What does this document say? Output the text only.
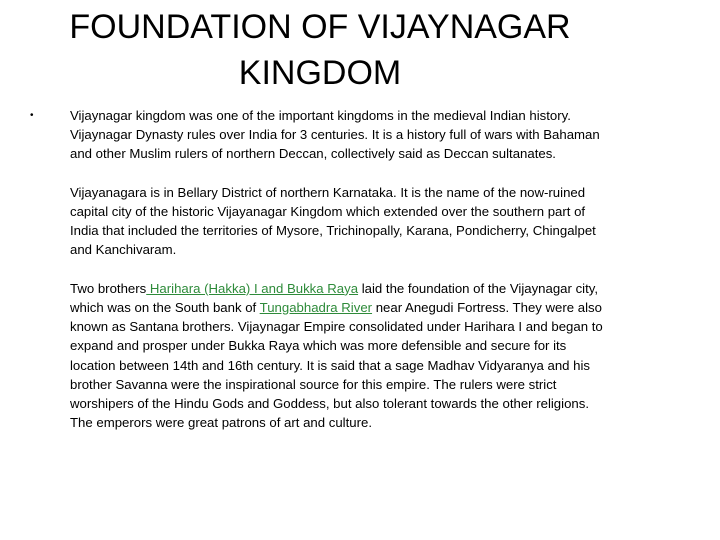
FOUNDATION OF VIJAYNAGAR
KINGDOM
•	Vijaynagar kingdom was one of the important kingdoms in the medieval Indian history. Vijaynagar Dynasty rules over India for 3 centuries. It is a history full of wars with Bahaman and other Muslim rulers of northern Deccan, collectively said as Deccan sultanates.

Vijayanagara is in Bellary District of northern Karnataka. It is the name of the now-ruined capital city of the historic Vijayanagar Kingdom which extended over the southern part of India that included the territories of Mysore, Trichinopally, Karana, Pondicherry, Chingalpet and Kanchivaram.

Two brothers Harihara (Hakka) I and Bukka Raya laid the foundation of the Vijaynagar city, which was on the South bank of Tungabhadra River near Anegudi Fortress. They were also known as Santana brothers. Vijaynagar Empire consolidated under Harihara I and began to expand and prosper under Bukka Raya which was more defensible and secure for its location between 14th and 16th century. It is said that a sage Madhav Vidyaranya and his brother Savanna were the inspirational source for this empire. The rulers were strict worshipers of the Hindu Gods and Goddess, but also tolerant towards the other religions. The emperors were great patrons of art and culture.
